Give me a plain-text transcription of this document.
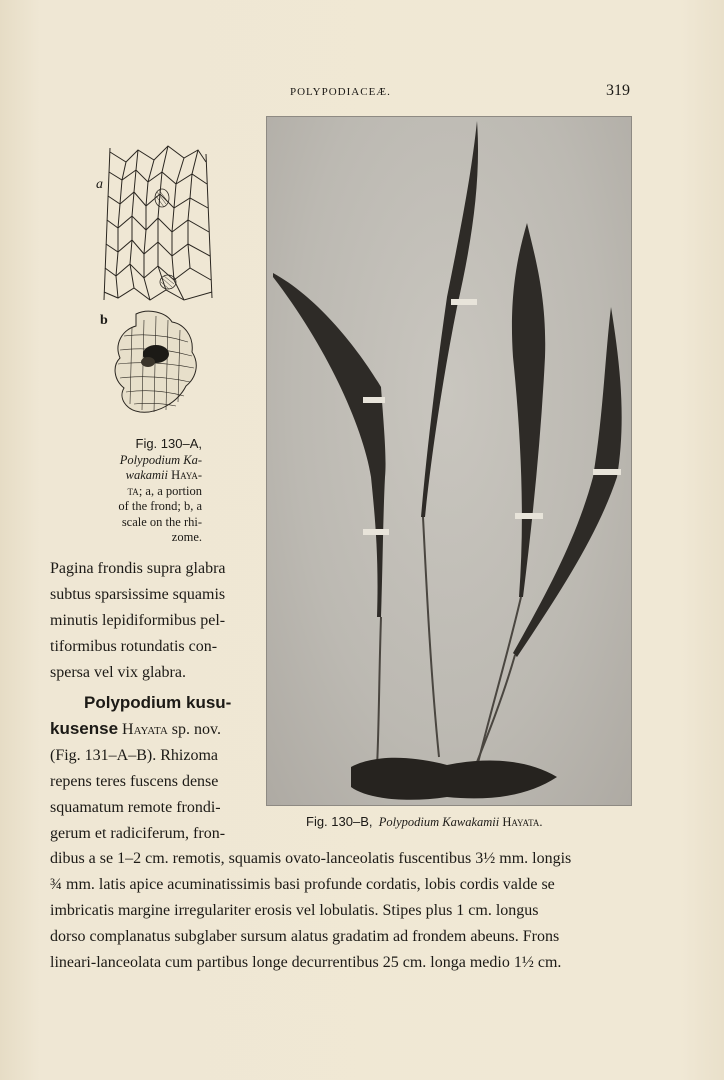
POLYPODIACEÆ.	319
a
b
Fig. 130–A,
Polypodium Ka-
wakamii Haya-
ta; a, a portion
of the frond; b, a
scale on the rhi-
zome.
Fig. 130–B, Polypodium Kawakamii Hayata.
Pagina frondis supra glabra
subtus sparsissime squamis
minutis lepidiformibus pel-
tiformibus rotundatis con-
spersa vel vix glabra.
Polypodium kusu-
kusense Hayata sp. nov.
(Fig. 131–A–B). Rhizoma
repens teres fuscens dense
squamatum remote frondi-
gerum et radiciferum, fron-
dibus a se 1–2 cm. remotis, squamis ovato-lanceolatis fuscentibus 3½ mm. longis
¾ mm. latis apice acuminatissimis basi profunde cordatis, lobis cordis valde se
imbricatis margine irregulariter erosis vel lobulatis. Stipes plus 1 cm. longus
dorso complanatus subglaber sursum alatus gradatim ad frondem abeuns. Frons
lineari-lanceolata cum partibus longe decurrentibus 25 cm. longa medio 1½ cm.
